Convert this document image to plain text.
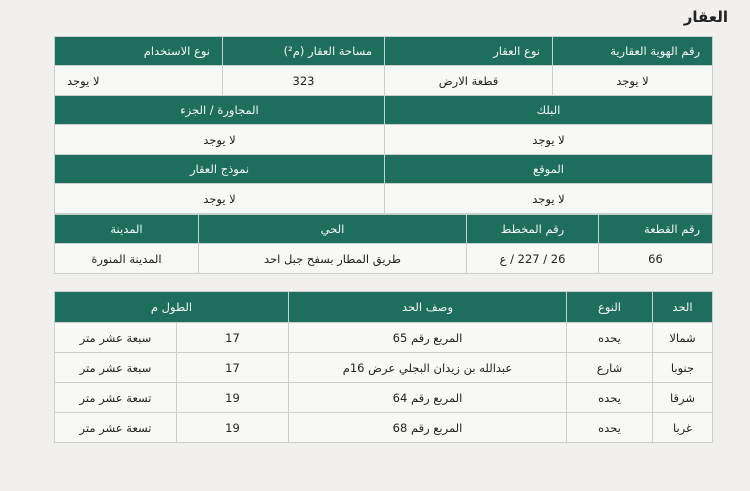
العقار
رقم الهوية العقارية	نوع العقار	مساحة العقار (م²)	نوع الاستخدام
لا يوجد	قطعة الارض	323	لا يوجد
البلك		المجاورة / الجزء	
لا يوجد		لا يوجد	
الموقع		نموذج العقار	
لا يوجد		لا يوجد	
رقم القطعة	رقم المخطط	الحي	المدينة
66	26 / 227 / ع	طريق المطار بسفح جبل احد	المدينة المنورة
الحد	النوع	وصف الحد	الطول م	
شمالا	يحده	المربع رقم 65	17	سبعة عشر متر
جنوبا	شارع	عبدالله بن زيدان البجلي عرض 16م	17	سبعة عشر متر
شرقا	يحده	المربع رقم 64	19	تسعة عشر متر
غربا	يحده	المربع رقم 68	19	تسعة عشر متر
